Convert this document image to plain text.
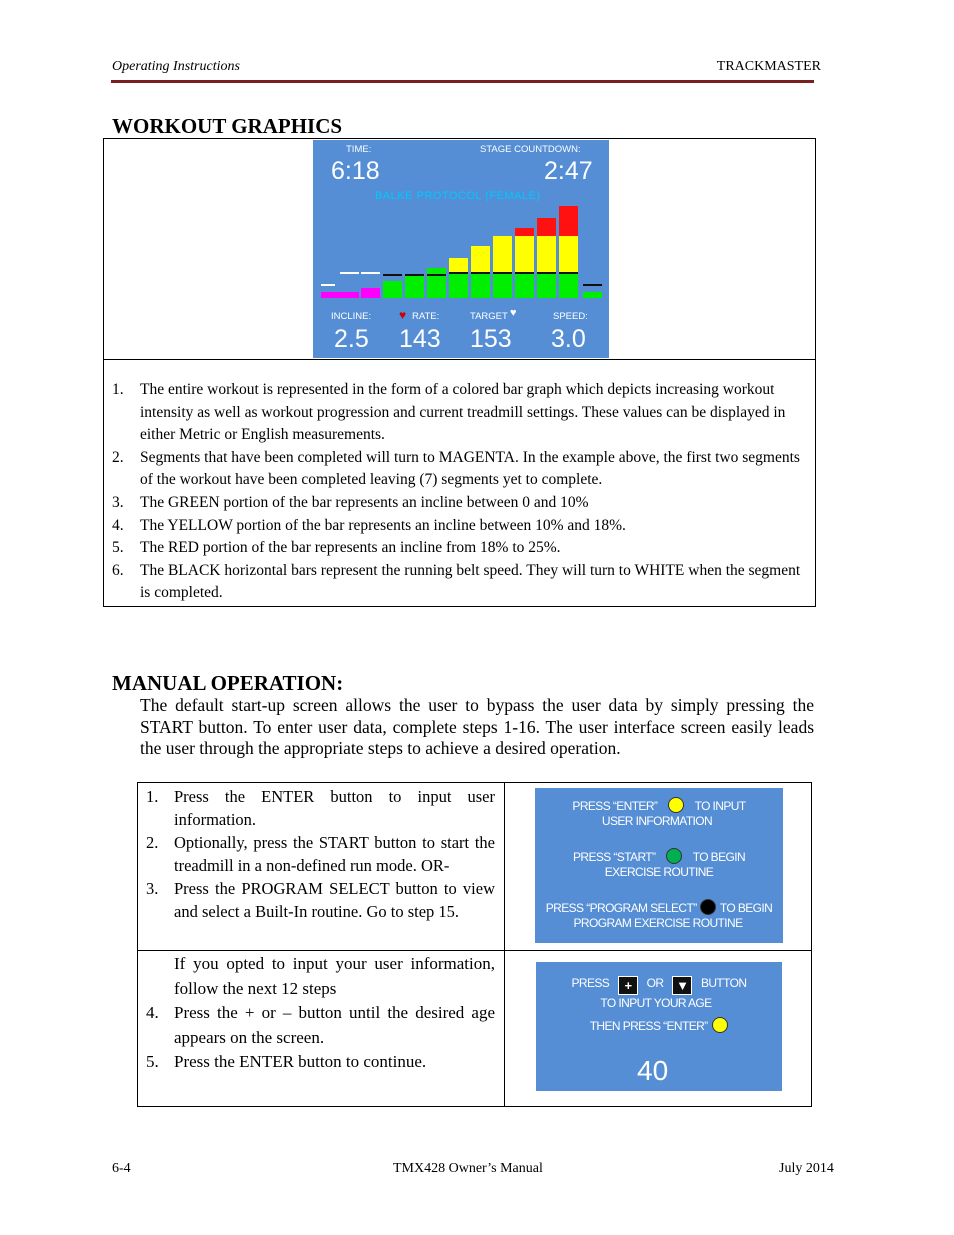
Operating Instructions	TRACKMASTER
WORKOUT GRAPHICS
TIME:	STAGE COUNTDOWN:
6:18	2:47
BALKE PROTOCOL (FEMALE)
INCLINE: ♥ RATE:	TARGET ♥	SPEED:
2.5 143 153 3.0
1. The entire workout is represented in the form of a colored bar graph which depicts increasing workout intensity as well as workout progression and current treadmill settings. These values can be displayed in either Metric or English measurements.
2. Segments that have been completed will turn to MAGENTA. In the example above, the first two segments of the workout have been completed leaving (7) segments yet to complete.
3. The GREEN portion of the bar represents an incline between 0 and 10%
4. The YELLOW portion of the bar represents an incline between 10% and 18%.
5. The RED portion of the bar represents an incline from 18% to 25%.
6. The BLACK horizontal bars represent the running belt speed. They will turn to WHITE when the segment is completed.
MANUAL OPERATION:
The default start-up screen allows the user to bypass the user data by simply pressing the START button. To enter user data, complete steps 1-16. The user interface screen easily leads the user through the appropriate steps to achieve a desired operation.
1. Press the ENTER button to input user information.
2. Optionally, press the START button to start the treadmill in a non-defined run mode. OR-
3. Press the PROGRAM SELECT button to view and select a Built-In routine. Go to step 15.
PRESS “ENTER”	TO INPUT
USER INFORMATION
PRESS “START”	TO BEGIN
EXERCISE ROUTINE
PRESS “PROGRAM SELECT” TO BEGIN
PROGRAM EXERCISE ROUTINE
If you opted to input your user information, follow the next 12 steps
4. Press the + or – button until the desired age appears on the screen.
5. Press the ENTER button to continue.
PRESS + OR ▼ BUTTON
TO INPUT YOUR AGE
THEN PRESS “ENTER”
40
6-4	TMX428 Owner’s Manual	July 2014
